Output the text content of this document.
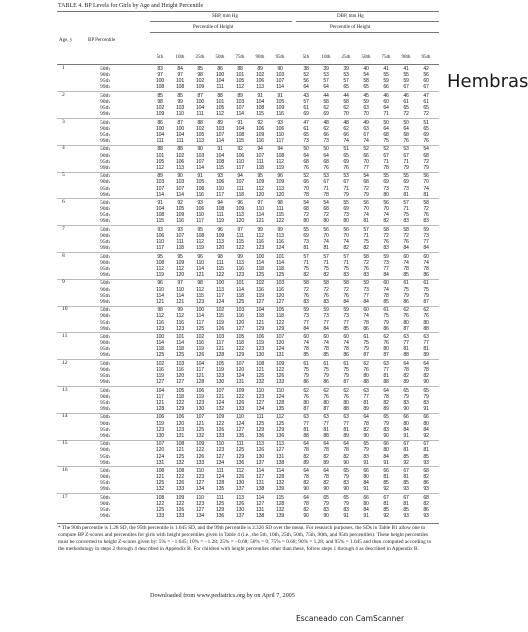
TABLE 4. BP Levels for Girls by Age and Height Percentile
SBP, mm Hg	DBP, mm Hg
Percentile of Height	Percentile of Height
Age, y	BP Percentile
5th	10th	25th	50th	75th	90th	95th	5th	10th	25th	50th	75th	90th	95th
1	50th	83	84	85	86	88	89	90	38	39	39	40	41	41	42
90th	97	97	98	100	101	102	103	52	53	53	54	55	55	56
95th	100	101	102	104	105	106	107	56	57	57	58	59	59	60
99th	108	108	109	111	112	113	114	64	64	65	65	66	67	67
2	50th	85	85	87	88	89	91	91	43	44	44	45	46	46	47
90th	98	99	100	101	103	104	105	57	58	58	59	60	61	61
95th	102	103	104	105	107	108	109	61	62	62	63	64	65	65
99th	109	110	111	112	114	115	116	69	69	70	70	71	72	72
3	50th	86	87	88	89	91	92	93	47	48	48	49	50	50	51
90th	100	100	102	103	104	106	106	61	62	62	63	64	64	65
95th	104	104	105	107	108	109	110	65	66	66	67	68	68	69
99th	111	111	113	114	115	116	117	73	73	74	74	75	76	76
4	50th	88	88	90	91	92	94	94	50	50	51	52	52	53	54
90th	101	102	103	104	106	107	108	64	64	65	66	67	67	68
95th	105	106	107	108	110	111	112	68	68	69	70	71	71	72
99th	112	113	114	115	117	118	119	76	76	76	77	78	79	79
5	50th	89	90	91	93	94	95	96	52	53	53	54	55	55	56
90th	103	103	105	106	107	109	109	66	67	67	68	69	69	70
95th	107	107	108	110	111	112	113	70	71	71	72	73	73	74
99th	114	114	116	117	118	120	120	78	78	79	79	80	81	81
6	50th	91	92	93	94	96	97	98	54	54	55	56	56	57	58
90th	104	105	106	108	109	110	111	68	68	69	70	70	71	72
95th	108	109	110	111	113	114	115	72	72	73	74	74	75	76
99th	115	116	117	119	120	121	122	80	80	80	81	82	83	83
7	50th	93	93	95	96	97	99	99	55	56	56	57	58	58	59
90th	106	107	108	109	111	112	113	69	70	70	71	72	72	73
95th	110	111	112	113	115	116	116	73	74	74	75	76	76	77
99th	117	118	119	120	122	123	124	81	81	82	82	83	84	84
8	50th	95	95	96	98	99	100	101	57	57	57	58	59	60	60
90th	108	109	110	111	113	114	114	71	71	71	72	73	74	74
95th	112	112	114	115	116	118	118	75	75	75	76	77	78	78
99th	119	120	121	122	123	125	125	82	82	83	83	84	85	86
9	50th	96	97	98	100	101	102	103	58	58	58	59	60	61	61
90th	110	110	112	113	114	116	116	72	72	72	73	74	75	75
95th	114	114	115	117	118	119	120	76	76	76	77	78	79	79
99th	121	121	123	124	125	127	127	83	83	84	84	85	86	87
10	50th	98	99	100	102	103	104	105	59	59	59	60	61	62	62
90th	112	112	114	115	116	118	118	73	73	73	74	75	76	76
95th	116	116	117	119	120	121	122	77	77	77	78	79	80	80
99th	123	123	125	126	127	129	129	84	84	85	86	86	87	88
11	50th	100	101	102	103	105	106	107	60	60	60	61	62	63	63
90th	114	114	116	117	118	119	120	74	74	74	75	76	77	77
95th	118	118	119	121	122	123	124	78	78	78	79	80	81	81
99th	125	125	126	128	129	130	131	85	85	86	87	87	88	89
12	50th	102	103	104	105	107	108	109	61	61	61	62	63	64	64
90th	116	116	117	119	120	121	122	75	75	75	76	77	78	78
95th	119	120	121	123	124	125	126	79	79	79	80	81	82	82
99th	127	127	128	130	131	132	133	86	86	87	88	88	89	90
13	50th	104	105	106	107	109	110	110	62	62	62	63	64	65	65
90th	117	118	119	121	122	123	124	76	76	76	77	78	79	79
95th	121	122	123	124	126	127	128	80	80	80	81	82	83	83
99th	128	129	130	132	133	134	135	87	87	88	89	89	90	91
14	50th	106	106	107	109	110	111	112	63	63	63	64	65	66	66
90th	119	120	121	122	124	125	125	77	77	77	78	79	80	80
95th	123	123	125	126	127	129	129	81	81	81	82	83	84	84
99th	130	131	132	133	135	136	136	88	88	89	90	90	91	92
15	50th	107	108	109	110	111	113	113	64	64	64	65	66	67	67
90th	120	121	122	123	125	126	127	78	78	78	79	80	81	81
95th	124	125	126	127	129	130	131	82	82	82	83	84	85	85
99th	131	132	133	134	136	137	138	89	89	90	91	91	92	93
16	50th	108	108	110	111	112	114	114	64	64	65	66	66	67	68
90th	121	122	123	124	126	127	128	78	78	79	80	81	81	82
95th	125	126	127	128	130	131	132	82	82	83	84	85	85	86
99th	132	133	134	135	137	138	139	90	90	90	91	92	93	93
17	50th	108	109	110	111	113	114	115	64	65	65	66	67	67	68
90th	122	122	123	125	126	127	128	78	79	79	80	81	81	82
95th	125	126	127	129	130	131	132	82	83	83	84	85	85	86
99th	133	133	134	136	137	138	139	90	90	91	91	92	93	93
* The 90th percentile is 1.28 SD, the 95th percentile is 1.645 SD, and the 99th percentile is 2.326 SD over the mean. For research purposes, the SDs in Table B1 allow one to compute BP Z-scores and percentiles for girls with height percentiles given in Table 4 (i.e., the 5th, 10th, 25th, 50th, 75th, 90th, and 95th percentiles). These height percentiles must be converted to height Z-scores given by: 5% = −1.645; 10% = −1.28; 25% = −0.68; 50% = 0; 75% = 0.68; 90% = 1.28; and 95% = 1.645 and then computed according to the methodology in steps 2 through 4 described in Appendix B. For children with height percentiles other than these, follow steps 1 through 4 as described in Appendix B.
Downloaded from www.pediatrics.org by on April 7, 2005
Hembras
Escaneado con CamScanner
